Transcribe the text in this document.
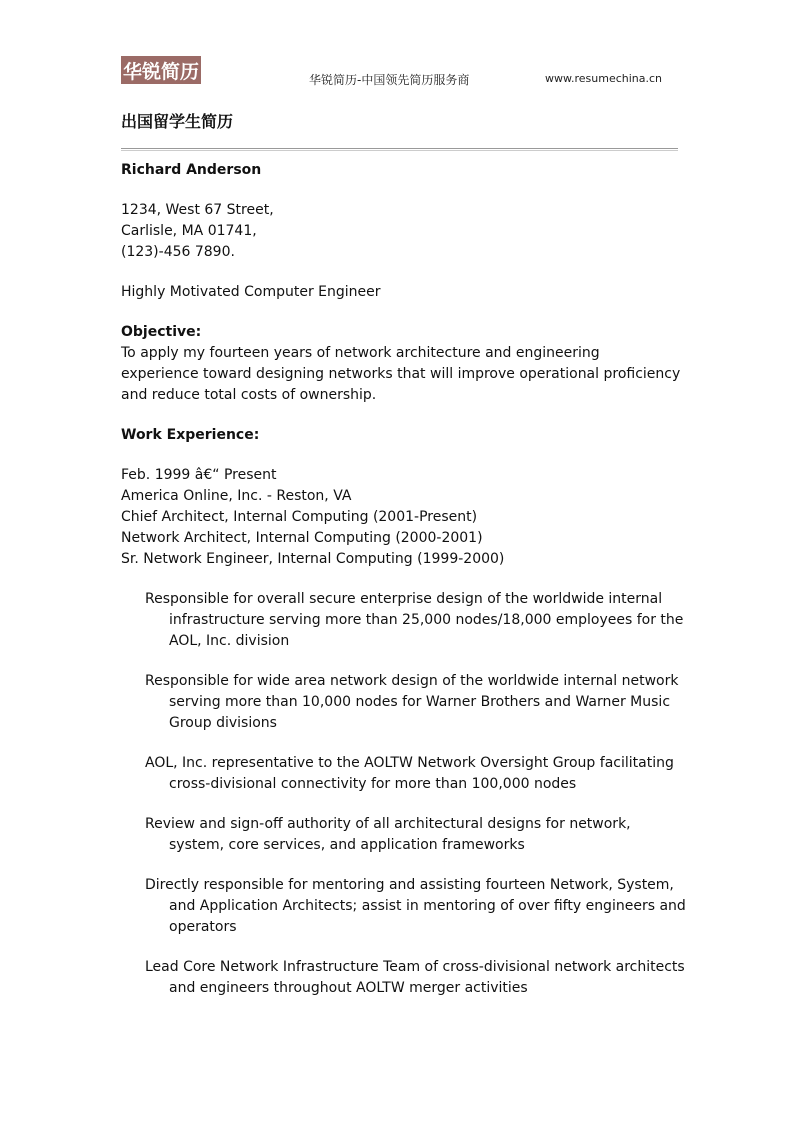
华锐简历	华锐简历-中国领先简历服务商	www.resumechina.cn
出国留学生简历

Richard Anderson

1234, West 67 Street,

Carlisle, MA 01741,

(123)-456 7890.

Highly Motivated Computer Engineer

Objective:

To apply my fourteen years of network architecture and engineering experience toward designing networks that will improve operational proficiency and reduce total costs of ownership.

Work Experience:

Feb. 1999 â€“ Present

America Online, Inc. - Reston, VA

Chief Architect, Internal Computing (2001-Present)

Network Architect, Internal Computing (2000-2001)

Sr. Network Engineer, Internal Computing (1999-2000)

Responsible for overall secure enterprise design of the worldwide internal infrastructure serving more than 25,000 nodes/18,000 employees for the AOL, Inc. division
Responsible for wide area network design of the worldwide internal network serving more than 10,000 nodes for Warner Brothers and Warner Music Group divisions
AOL, Inc. representative to the AOLTW Network Oversight Group facilitating cross-divisional connectivity for more than 100,000 nodes
Review and sign-off authority of all architectural designs for network, system, core services, and application frameworks
Directly responsible for mentoring and assisting fourteen Network, System, and Application Architects; assist in mentoring of over fifty engineers and operators
Lead Core Network Infrastructure Team of cross-divisional network architects and engineers throughout AOLTW merger activities
